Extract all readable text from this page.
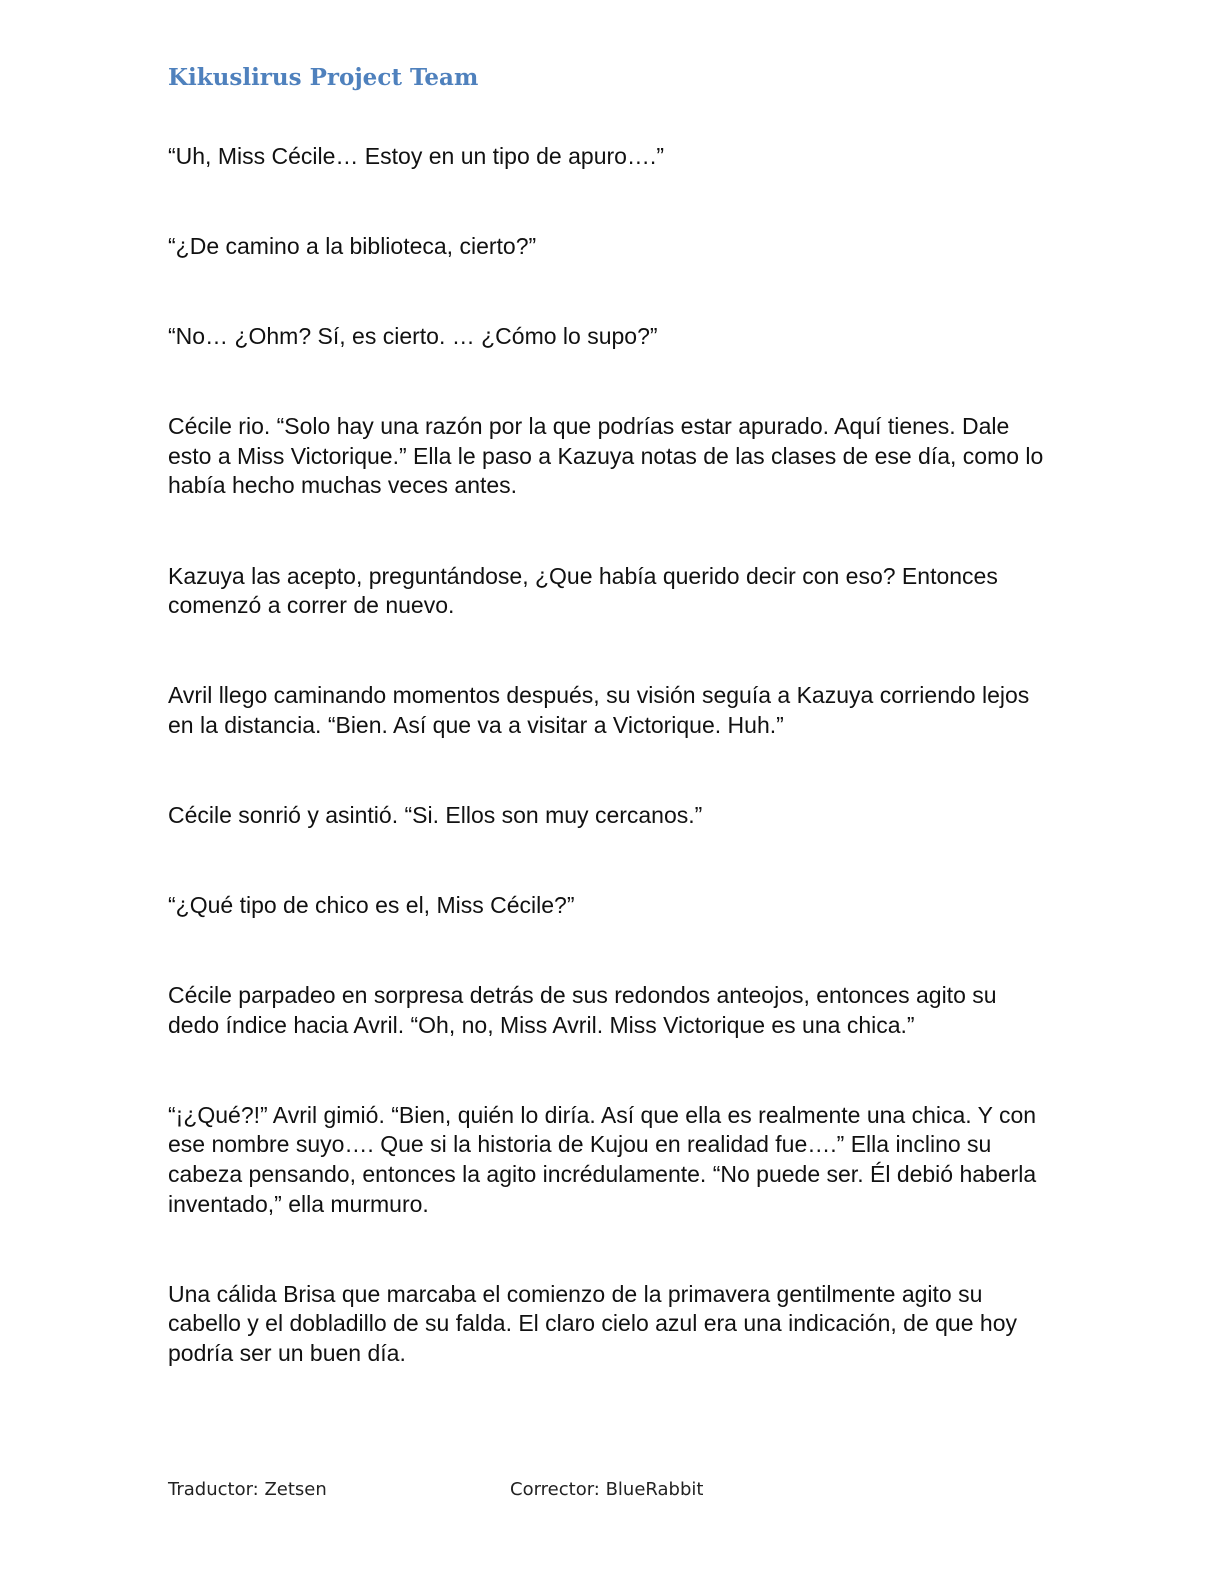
Kikuslirus Project Team

“Uh, Miss Cécile… Estoy en un tipo de apuro….”

“¿De camino a la biblioteca, cierto?”

“No… ¿Ohm? Sí, es cierto. … ¿Cómo lo supo?”

Cécile rio. “Solo hay una razón por la que podrías estar apurado. Aquí tienes. Dale esto a Miss Victorique.” Ella le paso a Kazuya notas de las clases de ese día, como lo había hecho muchas veces antes.

Kazuya las acepto, preguntándose, ¿Que había querido decir con eso? Entonces comenzó a correr de nuevo.

Avril llego caminando momentos después, su visión seguía a Kazuya corriendo lejos en la distancia. “Bien. Así que va a visitar a Victorique. Huh.”

Cécile sonrió y asintió. “Si. Ellos son muy cercanos.”

“¿Qué tipo de chico es el, Miss Cécile?”

Cécile parpadeo en sorpresa detrás de sus redondos anteojos, entonces agito su dedo índice hacia Avril. “Oh, no, Miss Avril. Miss Victorique es una chica.”

“¡¿Qué?!” Avril gimió. “Bien, quién lo diría. Así que ella es realmente una chica. Y con ese nombre suyo…. Que si la historia de Kujou en realidad fue….” Ella inclino su cabeza pensando, entonces la agito incrédulamente. “No puede ser. Él debió haberla inventado,” ella murmuro.

Una cálida Brisa que marcaba el comienzo de la primavera gentilmente agito su cabello y el dobladillo de su falda. El claro cielo azul era una indicación, de que hoy podría ser un buen día.

Traductor: Zetsen	Corrector: BlueRabbit
